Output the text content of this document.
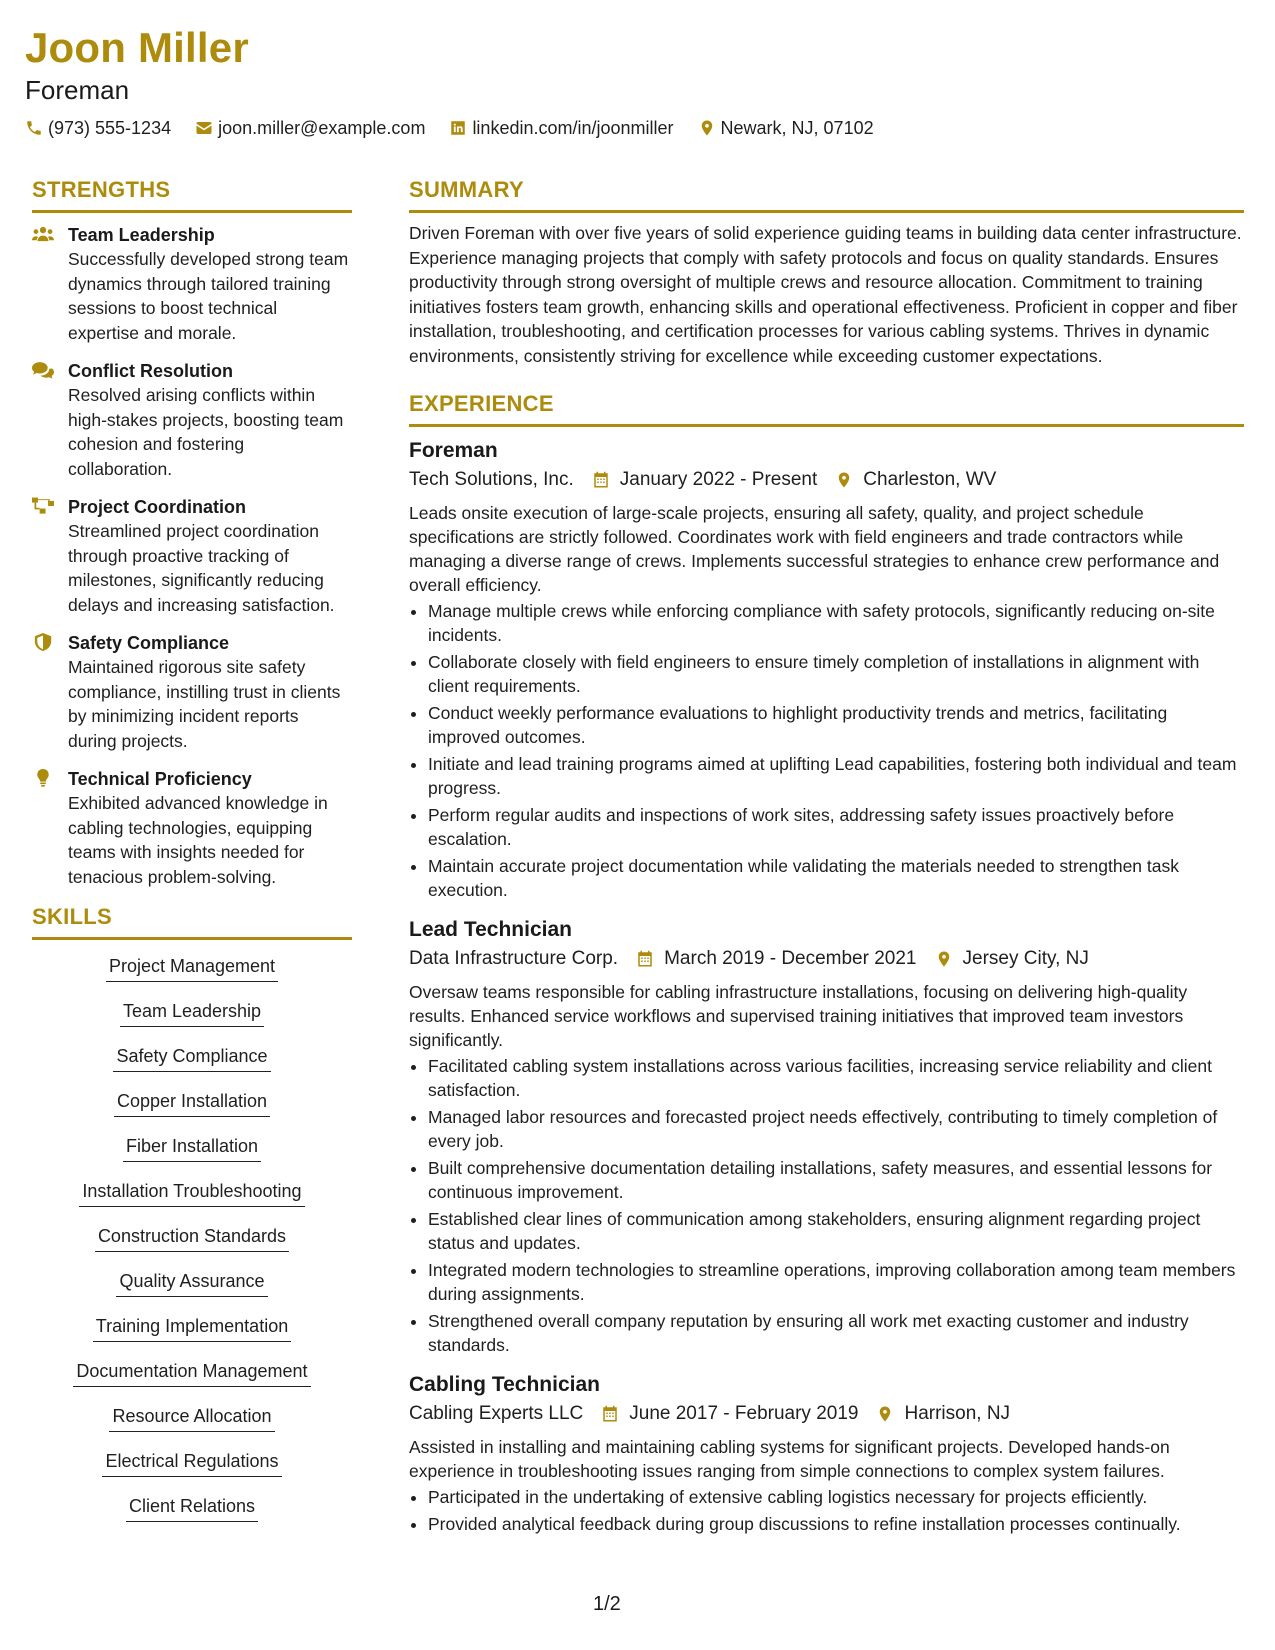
Joon Miller
Foreman
(973) 555-1234	joon.miller@example.com	linkedin.com/in/joonmiller	Newark, NJ, 07102
STRENGTHS
Team Leadership
Successfully developed strong team dynamics through tailored training sessions to boost technical expertise and morale.
Conflict Resolution
Resolved arising conflicts within high-stakes projects, boosting team cohesion and fostering collaboration.
Project Coordination
Streamlined project coordination through proactive tracking of milestones, significantly reducing delays and increasing satisfaction.
Safety Compliance
Maintained rigorous site safety compliance, instilling trust in clients by minimizing incident reports during projects.
Technical Proficiency
Exhibited advanced knowledge in cabling technologies, equipping teams with insights needed for tenacious problem-solving.
SKILLS
Project Management
Team Leadership
Safety Compliance
Copper Installation
Fiber Installation
Installation Troubleshooting
Construction Standards
Quality Assurance
Training Implementation
Documentation Management
Resource Allocation
Electrical Regulations
Client Relations
SUMMARY
Driven Foreman with over five years of solid experience guiding teams in building data center infrastructure. Experience managing projects that comply with safety protocols and focus on quality standards. Ensures productivity through strong oversight of multiple crews and resource allocation. Commitment to training initiatives fosters team growth, enhancing skills and operational effectiveness. Proficient in copper and fiber installation, troubleshooting, and certification processes for various cabling systems. Thrives in dynamic environments, consistently striving for excellence while exceeding customer expectations.
EXPERIENCE
Foreman
Tech Solutions, Inc. January 2022 - Present Charleston, WV
Leads onsite execution of large-scale projects, ensuring all safety, quality, and project schedule specifications are strictly followed. Coordinates work with field engineers and trade contractors while managing a diverse range of crews. Implements successful strategies to enhance crew performance and overall efficiency.
• Manage multiple crews while enforcing compliance with safety protocols, significantly reducing on-site incidents.
• Collaborate closely with field engineers to ensure timely completion of installations in alignment with client requirements.
• Conduct weekly performance evaluations to highlight productivity trends and metrics, facilitating improved outcomes.
• Initiate and lead training programs aimed at uplifting Lead capabilities, fostering both individual and team progress.
• Perform regular audits and inspections of work sites, addressing safety issues proactively before escalation.
• Maintain accurate project documentation while validating the materials needed to strengthen task execution.
Lead Technician
Data Infrastructure Corp. March 2019 - December 2021 Jersey City, NJ
Oversaw teams responsible for cabling infrastructure installations, focusing on delivering high-quality results. Enhanced service workflows and supervised training initiatives that improved team investors significantly.
• Facilitated cabling system installations across various facilities, increasing service reliability and client satisfaction.
• Managed labor resources and forecasted project needs effectively, contributing to timely completion of every job.
• Built comprehensive documentation detailing installations, safety measures, and essential lessons for continuous improvement.
• Established clear lines of communication among stakeholders, ensuring alignment regarding project status and updates.
• Integrated modern technologies to streamline operations, improving collaboration among team members during assignments.
• Strengthened overall company reputation by ensuring all work met exacting customer and industry standards.
Cabling Technician
Cabling Experts LLC June 2017 - February 2019 Harrison, NJ
Assisted in installing and maintaining cabling systems for significant projects. Developed hands-on experience in troubleshooting issues ranging from simple connections to complex system failures.
• Participated in the undertaking of extensive cabling logistics necessary for projects efficiently.
• Provided analytical feedback during group discussions to refine installation processes continually.
1/2
